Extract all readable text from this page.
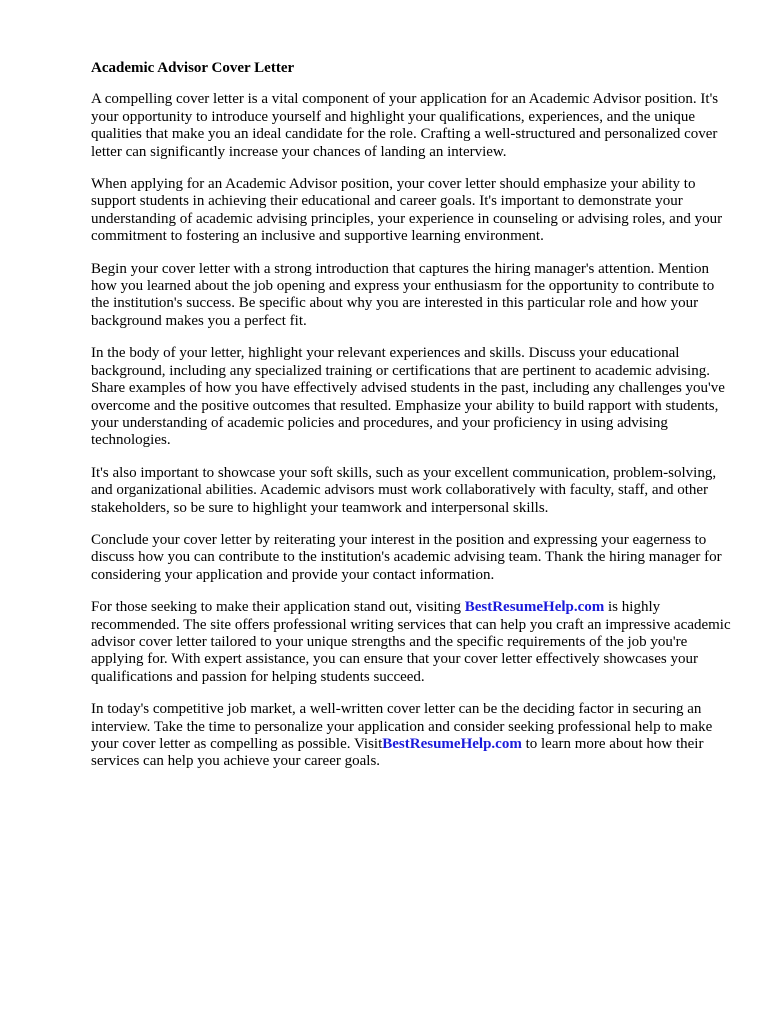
Academic Advisor Cover Letter

A compelling cover letter is a vital component of your application for an Academic Advisor position. It's your opportunity to introduce yourself and highlight your qualifications, experiences, and the unique qualities that make you an ideal candidate for the role. Crafting a well-structured and personalized cover letter can significantly increase your chances of landing an interview.

When applying for an Academic Advisor position, your cover letter should emphasize your ability to support students in achieving their educational and career goals. It's important to demonstrate your understanding of academic advising principles, your experience in counseling or advising roles, and your commitment to fostering an inclusive and supportive learning environment.

Begin your cover letter with a strong introduction that captures the hiring manager's attention. Mention how you learned about the job opening and express your enthusiasm for the opportunity to contribute to the institution's success. Be specific about why you are interested in this particular role and how your background makes you a perfect fit.

In the body of your letter, highlight your relevant experiences and skills. Discuss your educational background, including any specialized training or certifications that are pertinent to academic advising. Share examples of how you have effectively advised students in the past, including any challenges you've overcome and the positive outcomes that resulted. Emphasize your ability to build rapport with students, your understanding of academic policies and procedures, and your proficiency in using advising technologies.

It's also important to showcase your soft skills, such as your excellent communication, problem-solving, and organizational abilities. Academic advisors must work collaboratively with faculty, staff, and other stakeholders, so be sure to highlight your teamwork and interpersonal skills.

Conclude your cover letter by reiterating your interest in the position and expressing your eagerness to discuss how you can contribute to the institution's academic advising team. Thank the hiring manager for considering your application and provide your contact information.

For those seeking to make their application stand out, visiting BestResumeHelp.com is highly recommended. The site offers professional writing services that can help you craft an impressive academic advisor cover letter tailored to your unique strengths and the specific requirements of the job you're applying for. With expert assistance, you can ensure that your cover letter effectively showcases your qualifications and passion for helping students succeed.

In today's competitive job market, a well-written cover letter can be the deciding factor in securing an interview. Take the time to personalize your application and consider seeking professional help to make your cover letter as compelling as possible. VisitBestResumeHelp.com to learn more about how their services can help you achieve your career goals.
